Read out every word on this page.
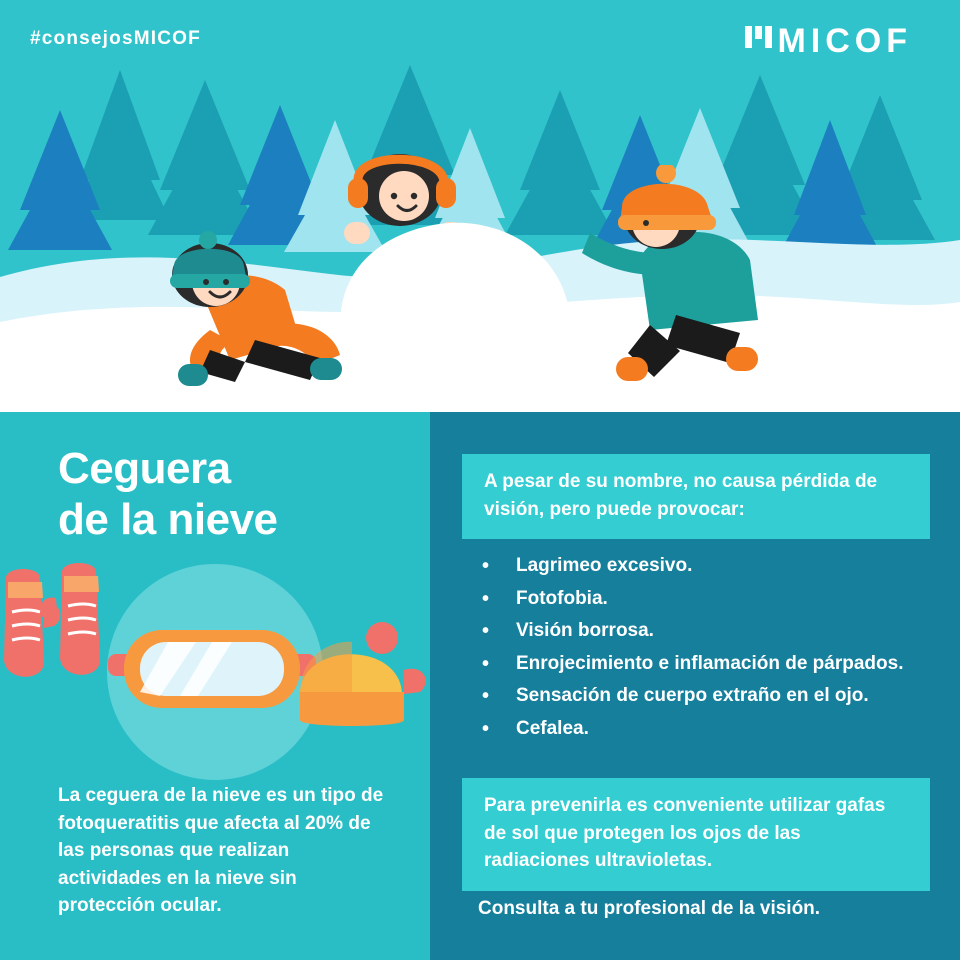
#consejosMICOF	MICOF
Ceguera
de la nieve
La ceguera de la nieve es un tipo de fotoqueratitis que afecta al 20% de las personas que realizan actividades en la nieve sin protección ocular.
A pesar de su nombre, no causa pérdida de visión, pero puede provocar:
• Lagrimeo excesivo.
• Fotofobia.
• Visión borrosa.
• Enrojecimiento e inflamación de párpados.
• Sensación de cuerpo extraño en el ojo.
• Cefalea.
Para prevenirla es conveniente utilizar gafas de sol que protegen los ojos de las radiaciones ultravioletas.
Consulta a tu profesional de la visión.
